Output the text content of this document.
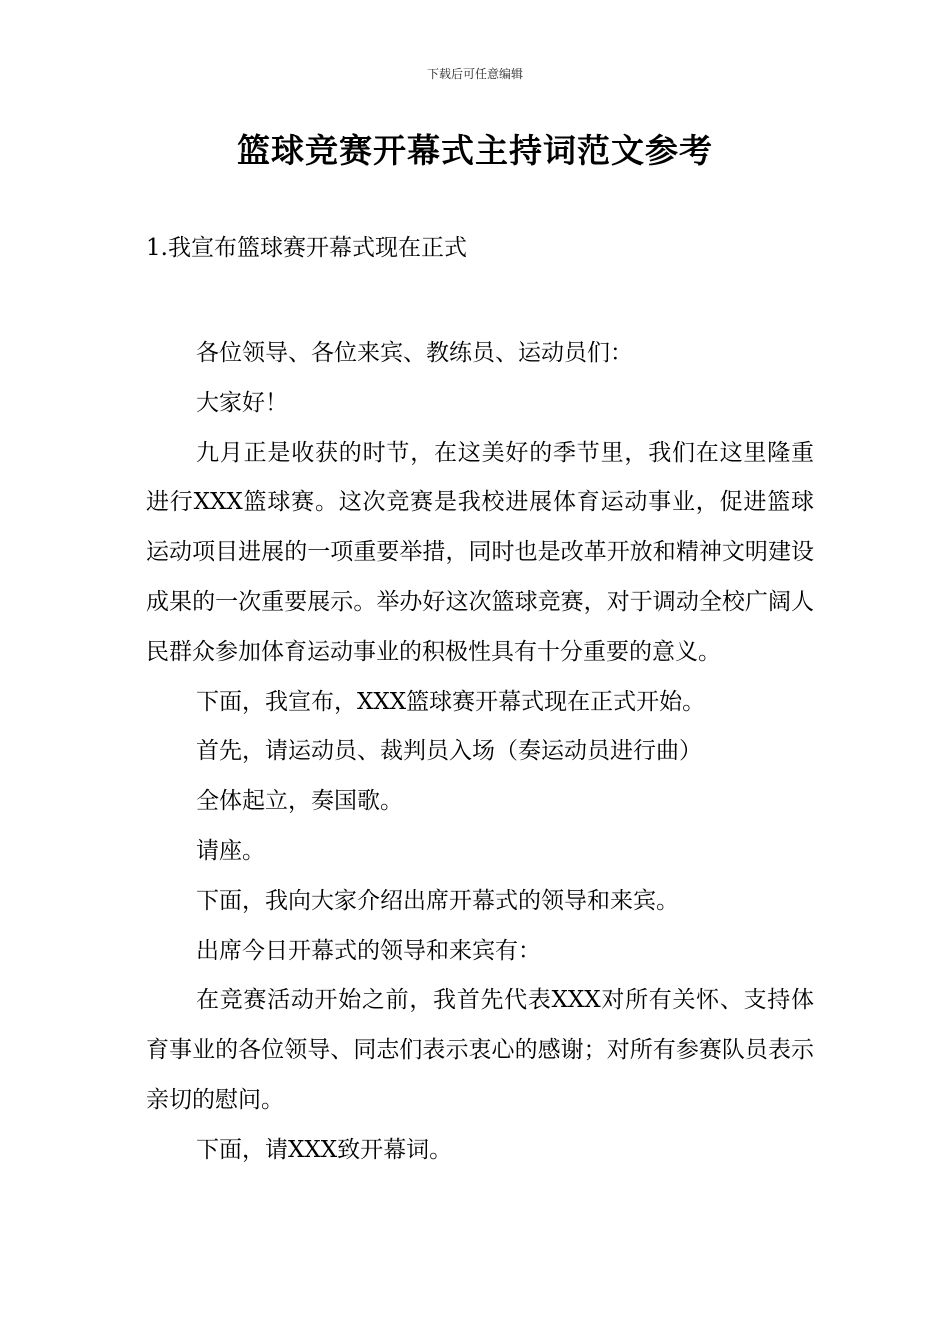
下载后可任意编辑
篮球竞赛开幕式主持词范文参考
1.我宣布篮球赛开幕式现在正式

各位领导、各位来宾、教练员、运动员们：

大家好！

九月正是收获的时节，在这美好的季节里，我们在这里隆重进行XXX篮球赛。这次竞赛是我校进展体育运动事业，促进篮球运动项目进展的一项重要举措，同时也是改革开放和精神文明建设成果的一次重要展示。举办好这次篮球竞赛，对于调动全校广阔人民群众参加体育运动事业的积极性具有十分重要的意义。

下面，我宣布，XXX篮球赛开幕式现在正式开始。

首先，请运动员、裁判员入场（奏运动员进行曲）

全体起立，奏国歌。

请座。

下面，我向大家介绍出席开幕式的领导和来宾。

出席今日开幕式的领导和来宾有：

在竞赛活动开始之前，我首先代表XXX对所有关怀、支持体育事业的各位领导、同志们表示衷心的感谢；对所有参赛队员表示亲切的慰问。

下面，请XXX致开幕词。
